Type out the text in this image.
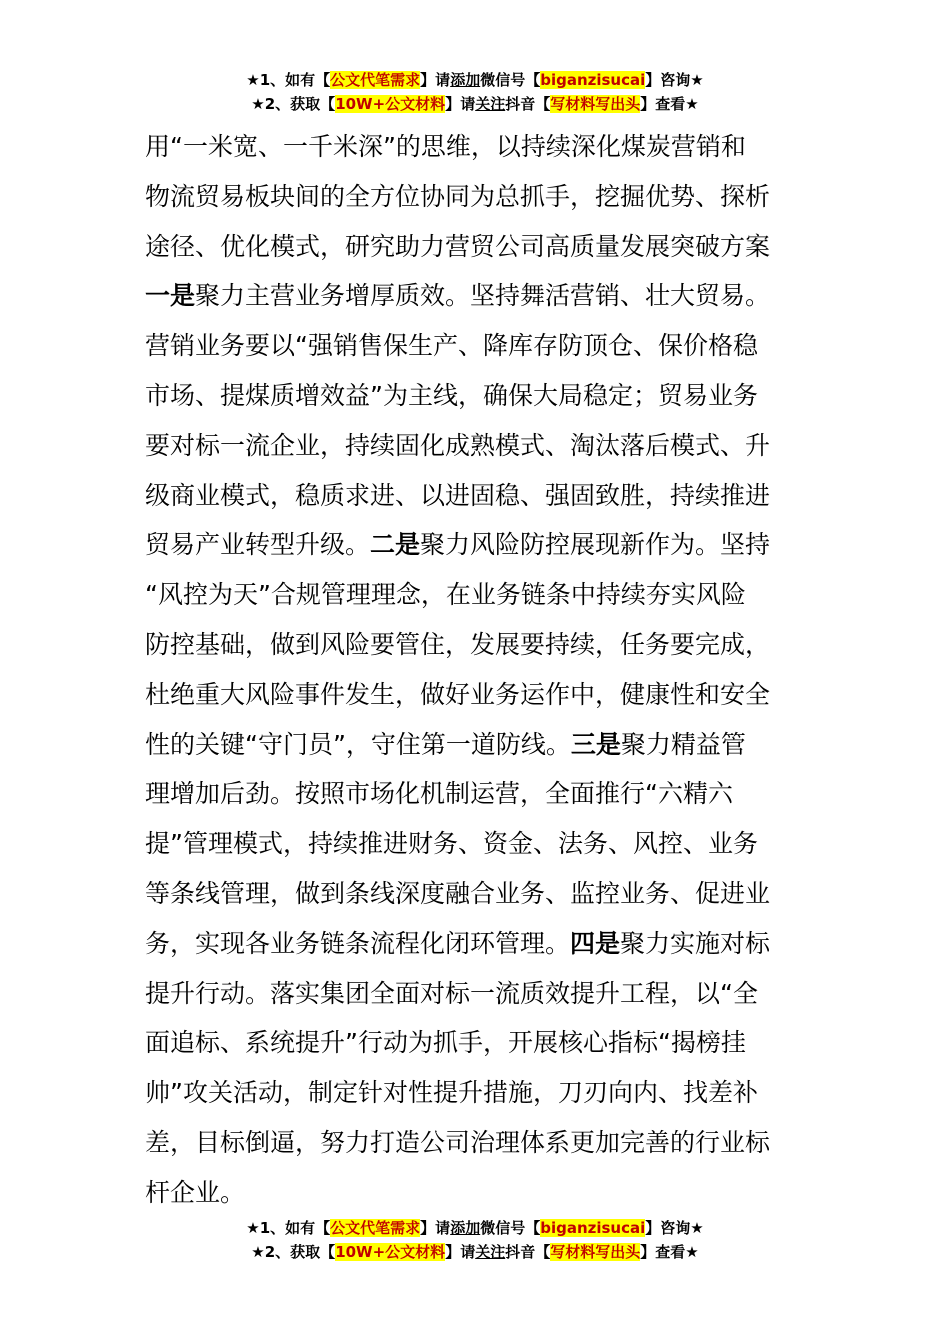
★1、如有【公文代笔需求】请添加微信号【biganzisucai】咨询★
★2、获取【10W+公文材料】请关注抖音【写材料写出头】查看★
用“一米宽、一千米深”的思维，以持续深化煤炭营销和
物流贸易板块间的全方位协同为总抓手，挖掘优势、探析
途径、优化模式，研究助力营贸公司高质量发展突破方案
一是聚力主营业务增厚质效。坚持舞活营销、壮大贸易。
营销业务要以“强销售保生产、降库存防顶仓、保价格稳
市场、提煤质增效益”为主线，确保大局稳定；贸易业务
要对标一流企业，持续固化成熟模式、淘汰落后模式、升
级商业模式，稳质求进、以进固稳、强固致胜，持续推进
贸易产业转型升级。二是聚力风险防控展现新作为。坚持
“风控为天”合规管理理念，在业务链条中持续夯实风险
防控基础，做到风险要管住，发展要持续，任务要完成，
杜绝重大风险事件发生，做好业务运作中，健康性和安全
性的关键“守门员”，守住第一道防线。三是聚力精益管
理增加后劲。按照市场化机制运营，全面推行“六精六
提”管理模式，持续推进财务、资金、法务、风控、业务
等条线管理，做到条线深度融合业务、监控业务、促进业
务，实现各业务链条流程化闭环管理。四是聚力实施对标
提升行动。落实集团全面对标一流质效提升工程，以“全
面追标、系统提升”行动为抓手，开展核心指标“揭榜挂
帅”攻关活动，制定针对性提升措施，刀刃向内、找差补
差，目标倒逼，努力打造公司治理体系更加完善的行业标
杆企业。
★1、如有【公文代笔需求】请添加微信号【biganzisucai】咨询★
★2、获取【10W+公文材料】请关注抖音【写材料写出头】查看★
